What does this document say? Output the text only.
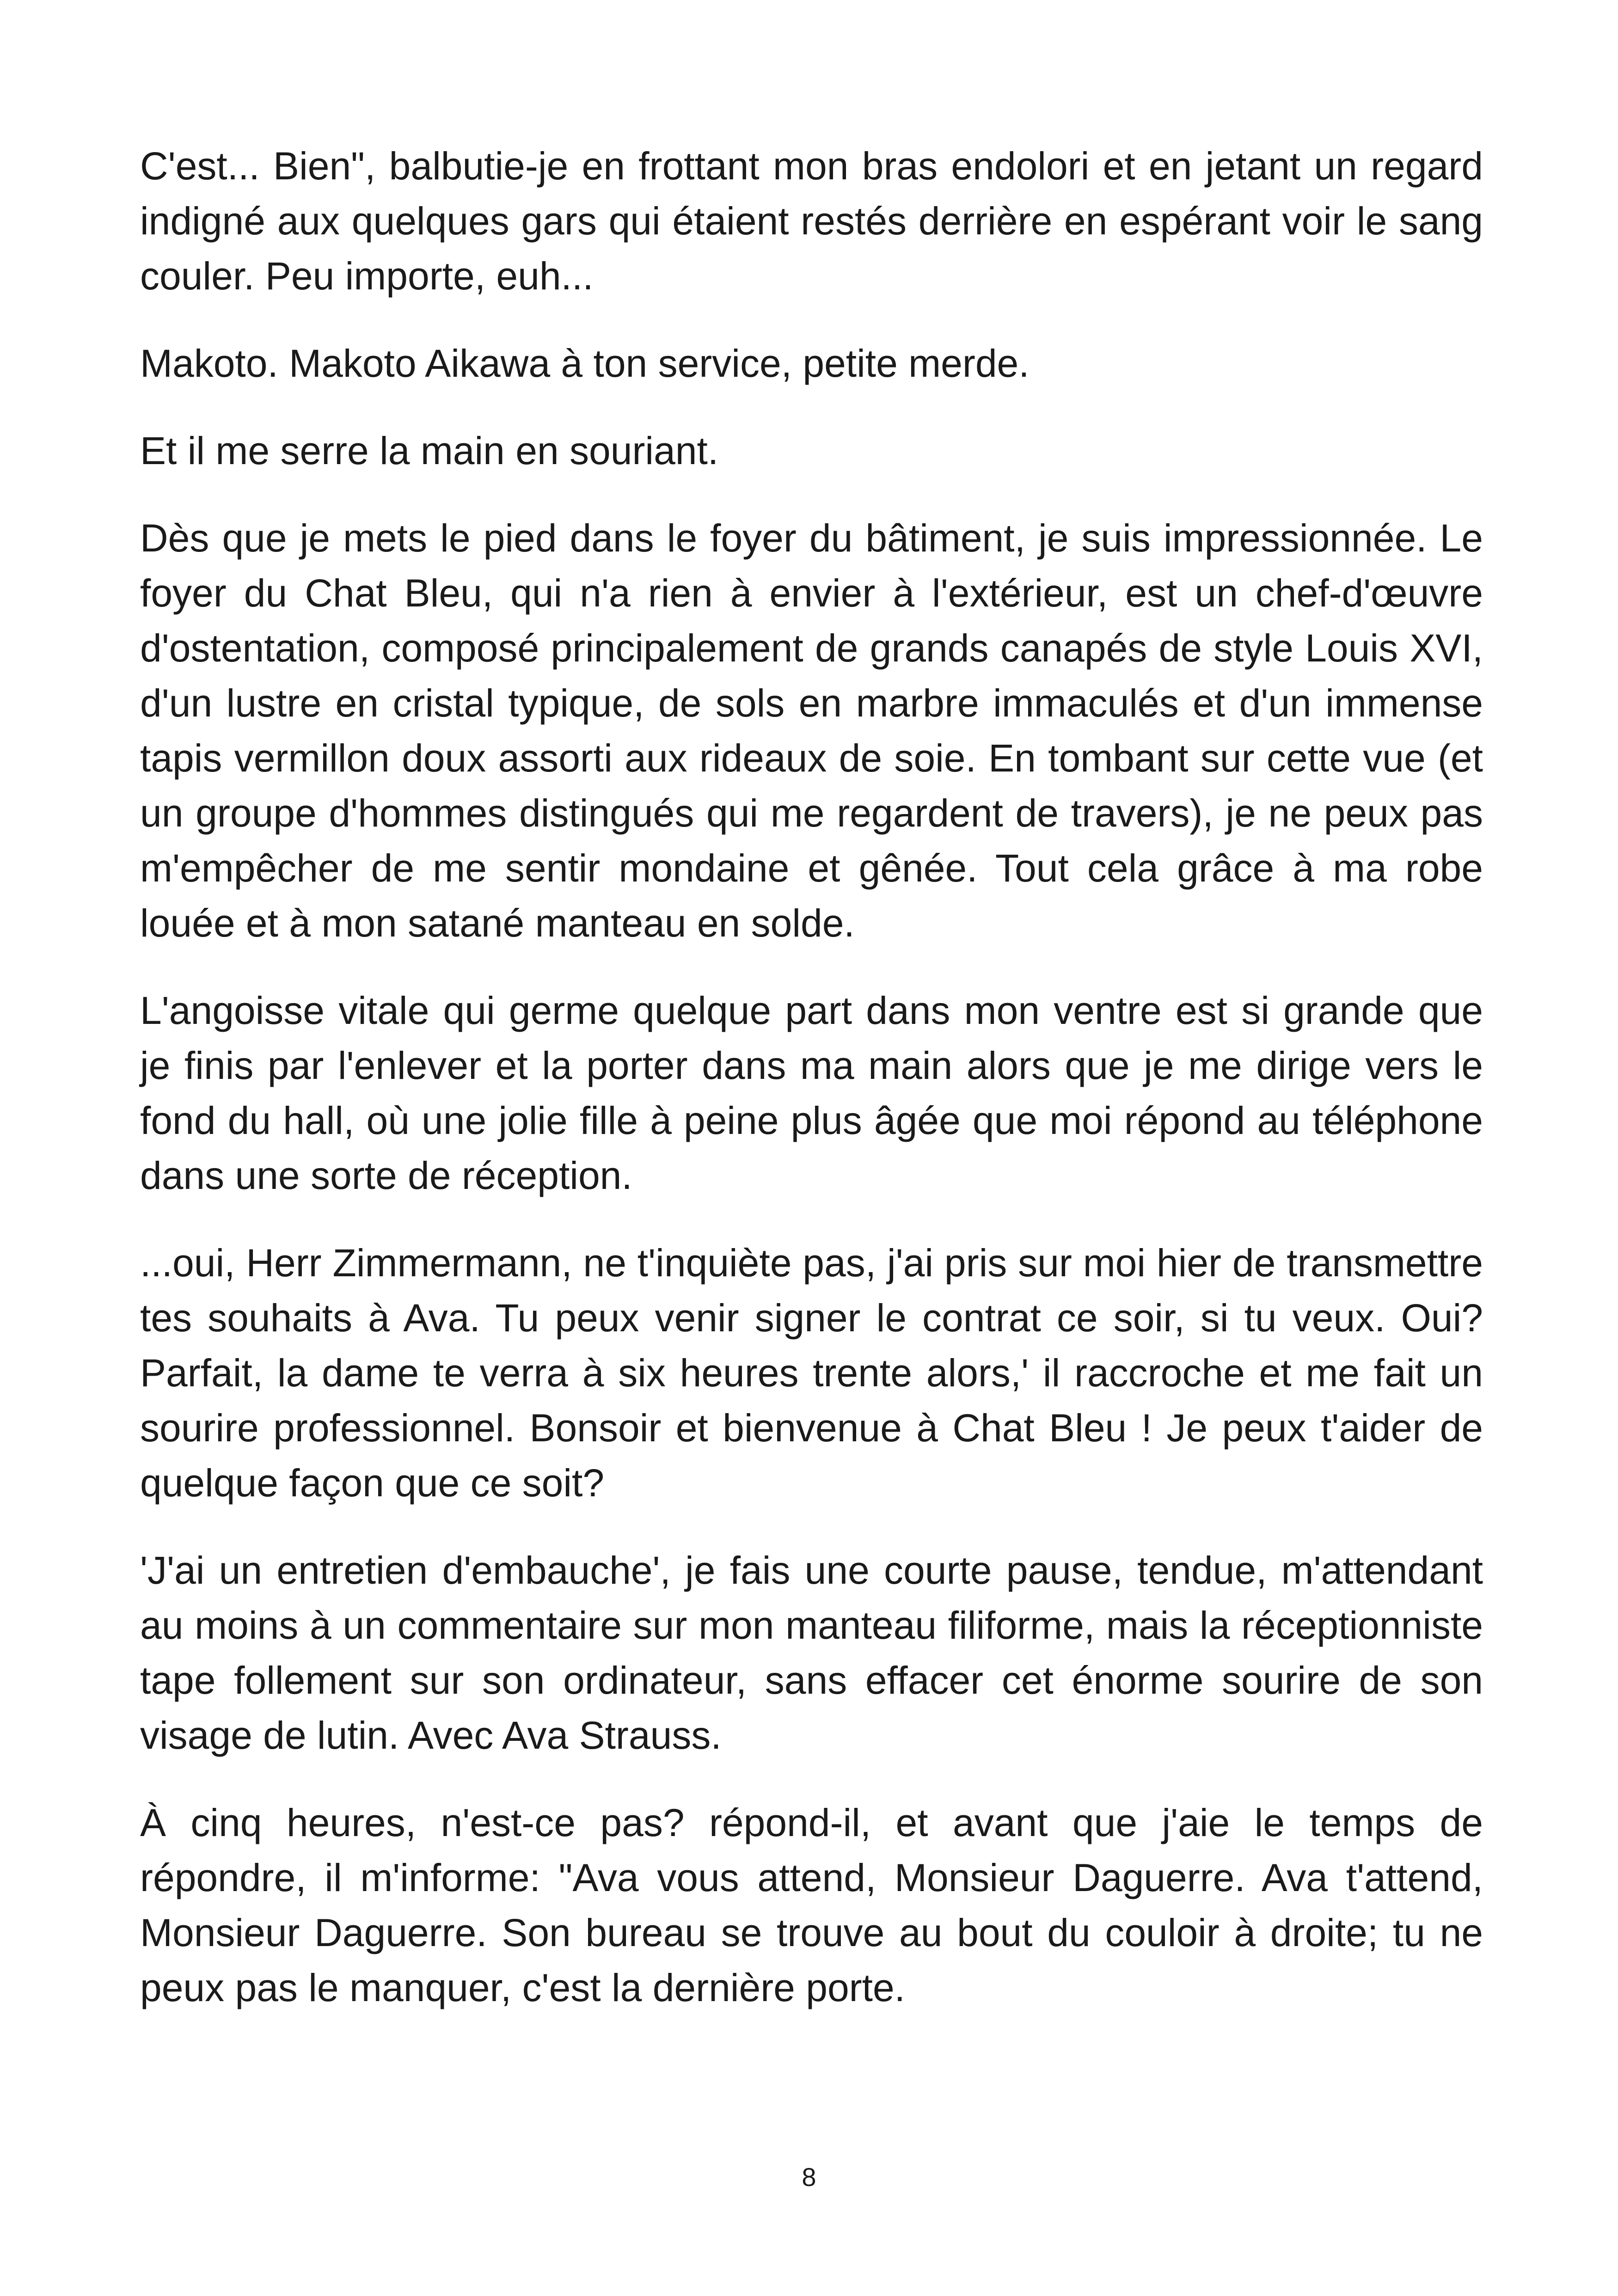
C'est... Bien", balbutie-je en frottant mon bras endolori et en jetant un regard indigné aux quelques gars qui étaient restés derrière en espérant voir le sang couler. Peu importe, euh...

Makoto. Makoto Aikawa à ton service, petite merde.

Et il me serre la main en souriant.

Dès que je mets le pied dans le foyer du bâtiment, je suis impressionnée. Le foyer du Chat Bleu, qui n'a rien à envier à l'extérieur, est un chef-d'œuvre d'ostentation, composé principalement de grands canapés de style Louis XVI, d'un lustre en cristal typique, de sols en marbre immaculés et d'un immense tapis vermillon doux assorti aux rideaux de soie. En tombant sur cette vue (et un groupe d'hommes distingués qui me regardent de travers), je ne peux pas m'empêcher de me sentir mondaine et gênée. Tout cela grâce à ma robe louée et à mon satané manteau en solde.

L'angoisse vitale qui germe quelque part dans mon ventre est si grande que je finis par l'enlever et la porter dans ma main alors que je me dirige vers le fond du hall, où une jolie fille à peine plus âgée que moi répond au téléphone dans une sorte de réception.

...oui, Herr Zimmermann, ne t'inquiète pas, j'ai pris sur moi hier de transmettre tes souhaits à Ava. Tu peux venir signer le contrat ce soir, si tu veux. Oui? Parfait, la dame te verra à six heures trente alors,' il raccroche et me fait un sourire professionnel. Bonsoir et bienvenue à Chat Bleu ! Je peux t'aider de quelque façon que ce soit?

'J'ai un entretien d'embauche', je fais une courte pause, tendue, m'attendant au moins à un commentaire sur mon manteau filiforme, mais la réceptionniste tape follement sur son ordinateur, sans effacer cet énorme sourire de son visage de lutin. Avec Ava Strauss.

À cinq heures, n'est-ce pas? répond-il, et avant que j'aie le temps de répondre, il m'informe: "Ava vous attend, Monsieur Daguerre. Ava t'attend, Monsieur Daguerre. Son bureau se trouve au bout du couloir à droite; tu ne peux pas le manquer, c'est la dernière porte.

8
